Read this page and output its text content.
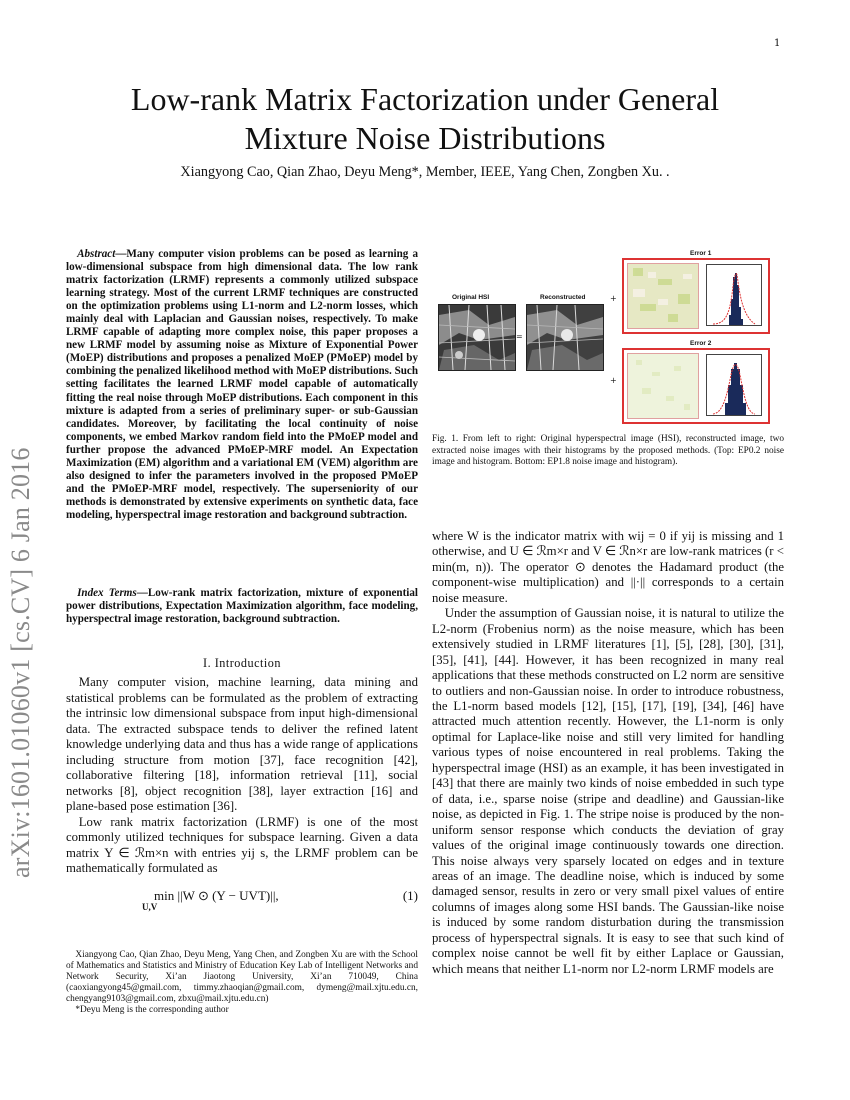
1
arXiv:1601.01060v1 [cs.CV] 6 Jan 2016
Low-rank Matrix Factorization under General
Mixture Noise Distributions
Xiangyong Cao, Qian Zhao, Deyu Meng*, Member, IEEE, Yang Chen, Zongben Xu. .

Abstract—Many computer vision problems can be posed as learning a low-dimensional subspace from high dimensional data. The low rank matrix factorization (LRMF) represents a commonly utilized subspace learning strategy. Most of the current LRMF techniques are constructed on the optimization problems using L1-norm and L2-norm losses, which mainly deal with Laplacian and Gaussian noises, respectively. To make LRMF capable of adapting more complex noise, this paper proposes a new LRMF model by assuming noise as Mixture of Exponential Power (MoEP) distributions and proposes a penalized MoEP (PMoEP) model by combining the penalized likelihood method with MoEP distributions. Such setting facilitates the learned LRMF model capable of automatically fitting the real noise through MoEP distributions. Each component in this mixture is adapted from a series of preliminary super- or sub-Gaussian candidates. Moreover, by facilitating the local continuity of noise components, we embed Markov random field into the PMoEP model and further propose the advanced PMoEP-MRF model. An Expectation Maximization (EM) algorithm and a variational EM (VEM) algorithm are also designed to infer the parameters involved in the proposed PMoEP and the PMoEP-MRF model, respectively. The superseniority of our methods is demonstrated by extensive experiments on synthetic data, face modeling, hyperspectral image restoration and background subtraction.

Index Terms—Low-rank matrix factorization, mixture of exponential power distributions, Expectation Maximization algorithm, face modeling, hyperspectral image restoration, background subtraction.

I. Introduction

Many computer vision, machine learning, data mining and statistical problems can be formulated as the problem of extracting the intrinsic low dimensional subspace from input high-dimensional data. The extracted subspace tends to deliver the refined latent knowledge underlying data and thus has a wide range of applications including structure from motion [37], face recognition [42], collaborative filtering [18], information retrieval [11], social networks [8], object recognition [38], layer extraction [16] and plane-based pose estimation [36].

Low rank matrix factorization (LRMF) is one of the most commonly utilized techniques for subspace learning. Given a data matrix Y ∈ ℛm×n with entries yij s, the LRMF problem can be mathematically formulated as

min ||W ⊙ (Y − UVT)||,
U,V
(1)

Xiangyong Cao, Qian Zhao, Deyu Meng, Yang Chen, and Zongben Xu are with the School of Mathematics and Statistics and Ministry of Education Key Lab of Intelligent Networks and Network Security, Xi’an Jiaotong University, Xi’an 710049, China (caoxiangyong45@gmail.com, timmy.zhaoqian@gmail.com, dymeng@mail.xjtu.edu.cn, chengyang9103@gmail.com, zbxu@mail.xjtu.edu.cn)

*Deyu Meng is the corresponding author

Original HSI	Reconstructed
=
+
+
Error 1
Error 2
Fig. 1. From left to right: Original hyperspectral image (HSI), reconstructed image, two extracted noise images with their histograms by the proposed methods. (Top: EP0.2 noise image and histogram. Bottom: EP1.8 noise image and histogram).

where W is the indicator matrix with wij = 0 if yij is missing and 1 otherwise, and U ∈ ℛm×r and V ∈ ℛn×r are low-rank matrices (r < min(m, n)). The operator ⊙ denotes the Hadamard product (the component-wise multiplication) and ||·|| corresponds to a certain noise measure.

Under the assumption of Gaussian noise, it is natural to utilize the L2-norm (Frobenius norm) as the noise measure, which has been extensively studied in LRMF literatures [1], [5], [28], [30], [31], [35], [41], [44]. However, it has been recognized in many real applications that these methods constructed on L2 norm are sensitive to outliers and non-Gaussian noise. In order to introduce robustness, the L1-norm based models [12], [15], [17], [19], [34], [46] have attracted much attention recently. However, the L1-norm is only optimal for Laplace-like noise and still very limited for handling various types of noise encountered in real problems. Taking the hyperspectral image (HSI) as an example, it has been investigated in [43] that there are mainly two kinds of noise embedded in such type of data, i.e., sparse noise (stripe and deadline) and Gaussian-like noise, as depicted in Fig. 1. The stripe noise is produced by the non-uniform sensor response which conducts the deviation of gray values of the original image continuously towards one direction. This noise always very sparsely located on edges and in texture areas of an image. The deadline noise, which is induced by some damaged sensor, results in zero or very small pixel values of entire columns of images along some HSI bands. The Gaussian-like noise is induced by some random disturbation during the transmission process of hyperspectral signals. It is easy to see that such kind of complex noise cannot be well fit by either Laplace or Gaussian, which means that neither L1-norm nor L2-norm LRMF models are
